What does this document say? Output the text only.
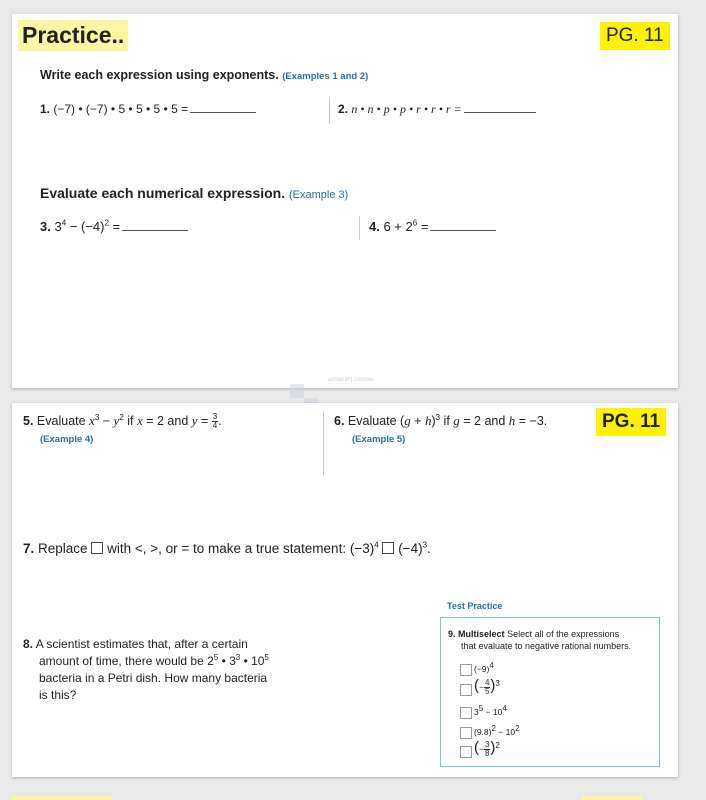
Practice..	PG. 11
Write each expression using exponents. (Examples 1 and 2)
1. (−7) • (−7) • 5 • 5 • 5 • 5 =	2. n • n • p • p • r • r • r =
Evaluate each numerical expression. (Example 3)
3. $3^4 - (-4)^2$ =	4. $6 + 2^6$ =
almanahj.com/ae
5. Evaluate $x^3 - y^2$ if x = 2 and $y = \frac{3}{4}$ .
(Example 4)
6. Evaluate $(g + h)^3$ if g = 2 and h = −3.
(Example 5)
PG. 11
7. Replace  with <, >, or = to make a true statement: $(-3)^4$  $(-4)^3$.
8. A scientist estimates that, after a certain
amount of time, there would be $2^5$ • $3^3$ • $10^5$
bacteria in a Petri dish. How many bacteria
is this?
Test Practice
9. Multiselect Select all of the expressions
that evaluate to negative rational numbers.
$(-9)^4$
(− $\frac{4}{5} )^3$
$3^5 - 10^4$
$(9.8)^2 - 10^2$
(− $\frac{3}{8} )^2$
